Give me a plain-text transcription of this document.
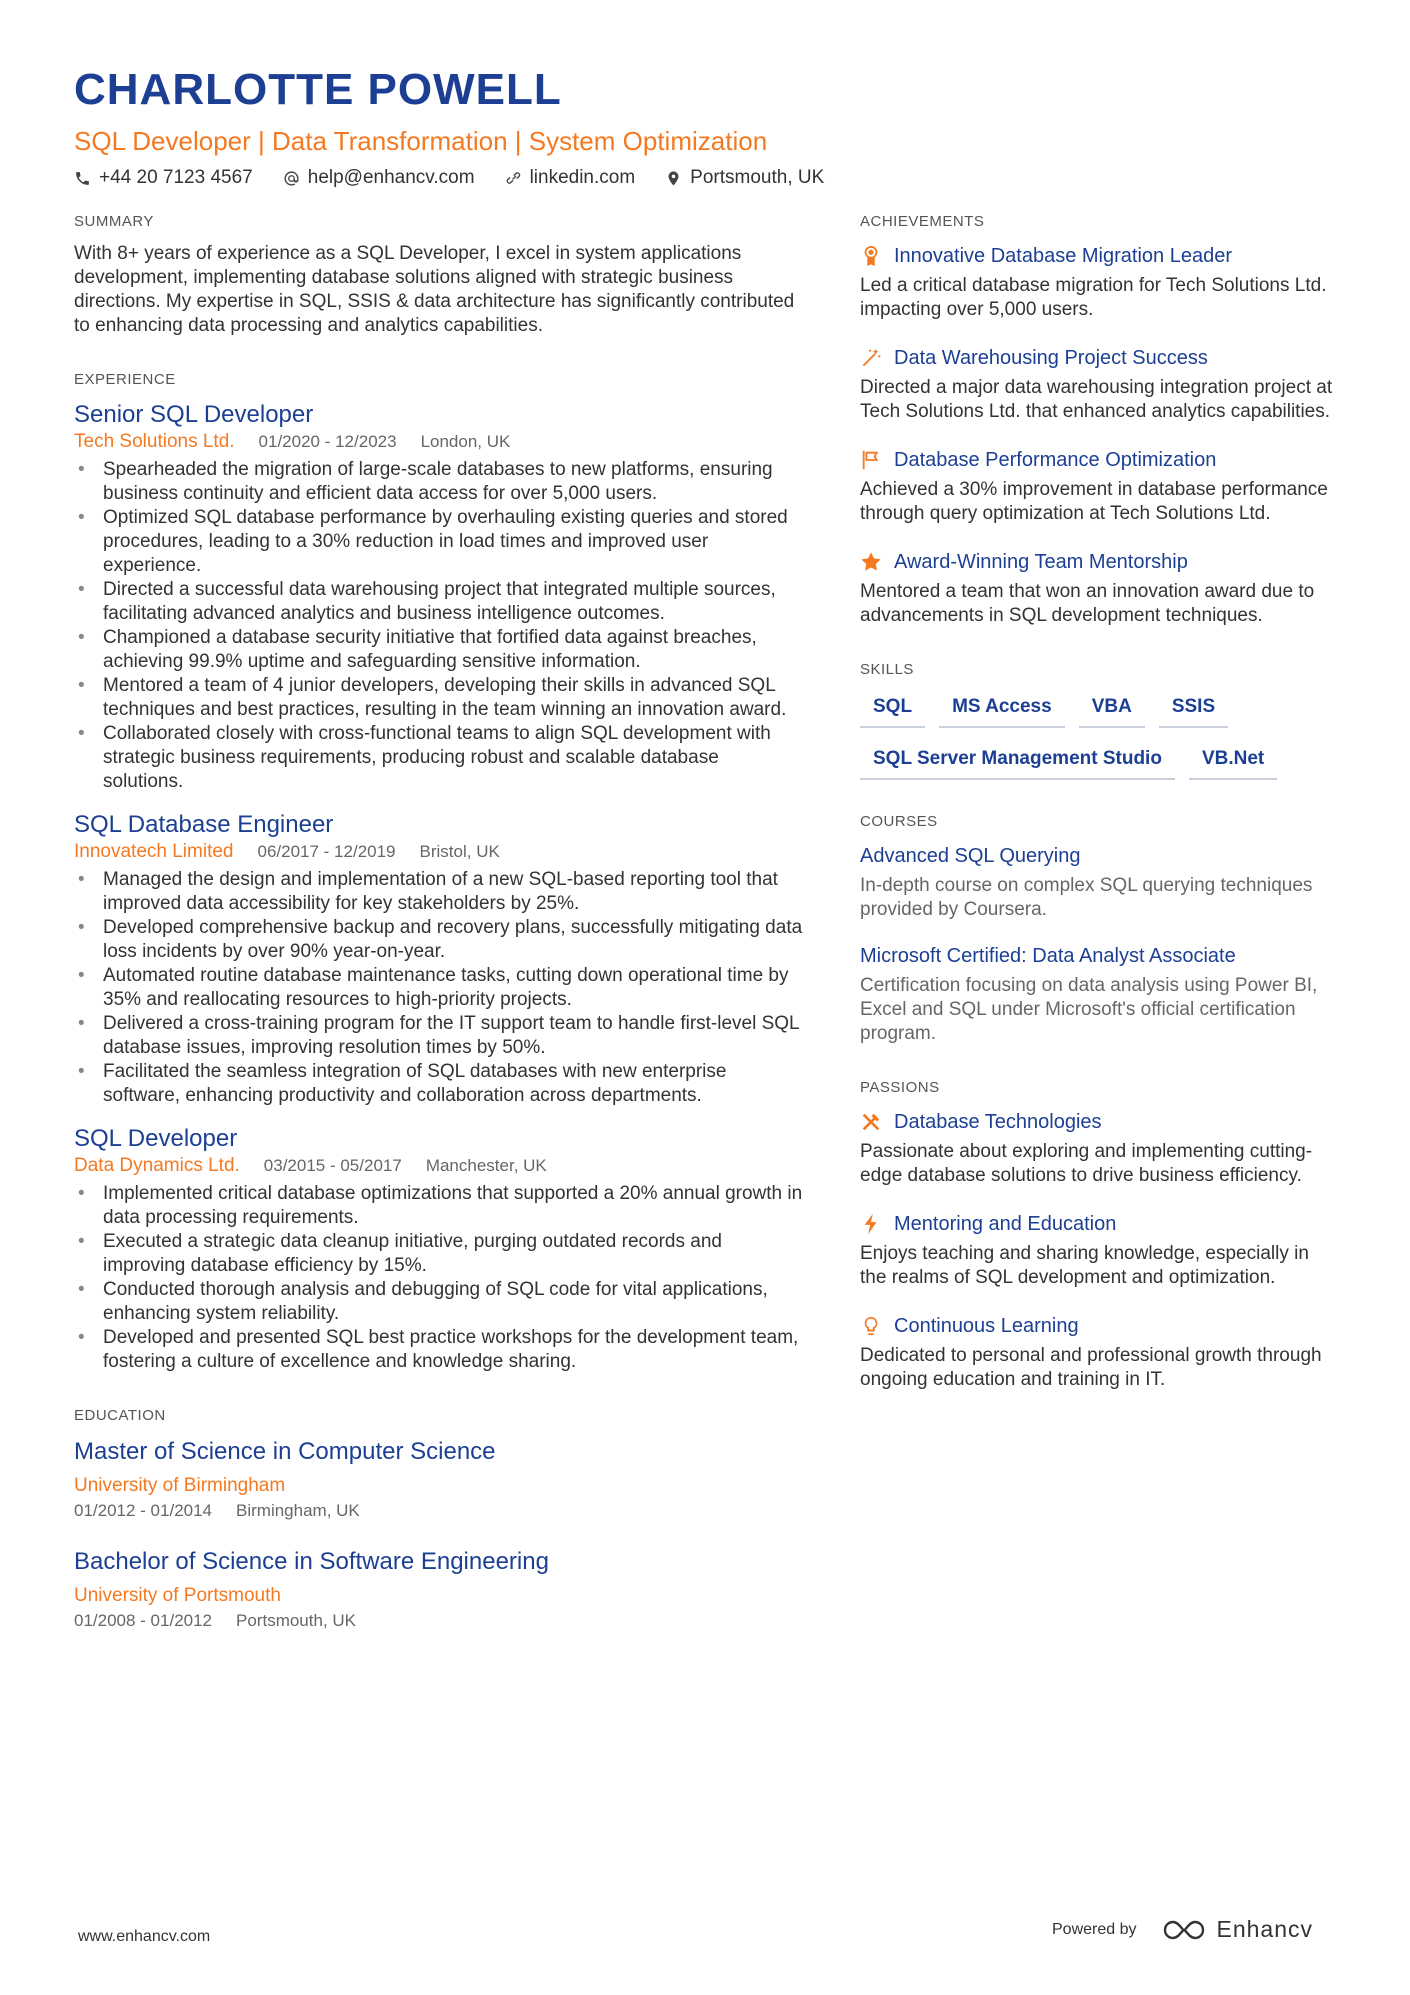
CHARLOTTE POWELL
SQL Developer | Data Transformation | System Optimization
+44 20 7123 4567	help@enhancv.com	linkedin.com	Portsmouth, UK
SUMMARY
With 8+ years of experience as a SQL Developer, I excel in system applications development, implementing database solutions aligned with strategic business directions. My expertise in SQL, SSIS & data architecture has significantly contributed to enhancing data processing and analytics capabilities.
EXPERIENCE
Senior SQL Developer
Tech Solutions Ltd. 01/2020 - 12/2023 London, UK
• Spearheaded the migration of large-scale databases to new platforms, ensuring business continuity and efficient data access for over 5,000 users.
• Optimized SQL database performance by overhauling existing queries and stored procedures, leading to a 30% reduction in load times and improved user experience.
• Directed a successful data warehousing project that integrated multiple sources, facilitating advanced analytics and business intelligence outcomes.
• Championed a database security initiative that fortified data against breaches, achieving 99.9% uptime and safeguarding sensitive information.
• Mentored a team of 4 junior developers, developing their skills in advanced SQL techniques and best practices, resulting in the team winning an innovation award.
• Collaborated closely with cross-functional teams to align SQL development with strategic business requirements, producing robust and scalable database solutions.
SQL Database Engineer
Innovatech Limited 06/2017 - 12/2019 Bristol, UK
• Managed the design and implementation of a new SQL-based reporting tool that improved data accessibility for key stakeholders by 25%.
• Developed comprehensive backup and recovery plans, successfully mitigating data loss incidents by over 90% year-on-year.
• Automated routine database maintenance tasks, cutting down operational time by 35% and reallocating resources to high-priority projects.
• Delivered a cross-training program for the IT support team to handle first-level SQL database issues, improving resolution times by 50%.
• Facilitated the seamless integration of SQL databases with new enterprise software, enhancing productivity and collaboration across departments.
SQL Developer
Data Dynamics Ltd. 03/2015 - 05/2017 Manchester, UK
• Implemented critical database optimizations that supported a 20% annual growth in data processing requirements.
• Executed a strategic data cleanup initiative, purging outdated records and improving database efficiency by 15%.
• Conducted thorough analysis and debugging of SQL code for vital applications, enhancing system reliability.
• Developed and presented SQL best practice workshops for the development team, fostering a culture of excellence and knowledge sharing.
EDUCATION
Master of Science in Computer Science
University of Birmingham
01/2012 - 01/2014 Birmingham, UK
Bachelor of Science in Software Engineering
University of Portsmouth
01/2008 - 01/2012 Portsmouth, UK
ACHIEVEMENTS
Innovative Database Migration Leader
Led a critical database migration for Tech Solutions Ltd. impacting over 5,000 users.
Data Warehousing Project Success
Directed a major data warehousing integration project at Tech Solutions Ltd. that enhanced analytics capabilities.
Database Performance Optimization
Achieved a 30% improvement in database performance through query optimization at Tech Solutions Ltd.
Award-Winning Team Mentorship
Mentored a team that won an innovation award due to advancements in SQL development techniques.
SKILLS
SQL	MS Access	VBA	SSIS
SQL Server Management Studio	VB.Net
COURSES
Advanced SQL Querying
In-depth course on complex SQL querying techniques provided by Coursera.
Microsoft Certified: Data Analyst Associate
Certification focusing on data analysis using Power BI, Excel and SQL under Microsoft's official certification program.
PASSIONS
Database Technologies
Passionate about exploring and implementing cutting-edge database solutions to drive business efficiency.
Mentoring and Education
Enjoys teaching and sharing knowledge, especially in the realms of SQL development and optimization.
Continuous Learning
Dedicated to personal and professional growth through ongoing education and training in IT.
www.enhancv.com	Powered by	Enhancv
